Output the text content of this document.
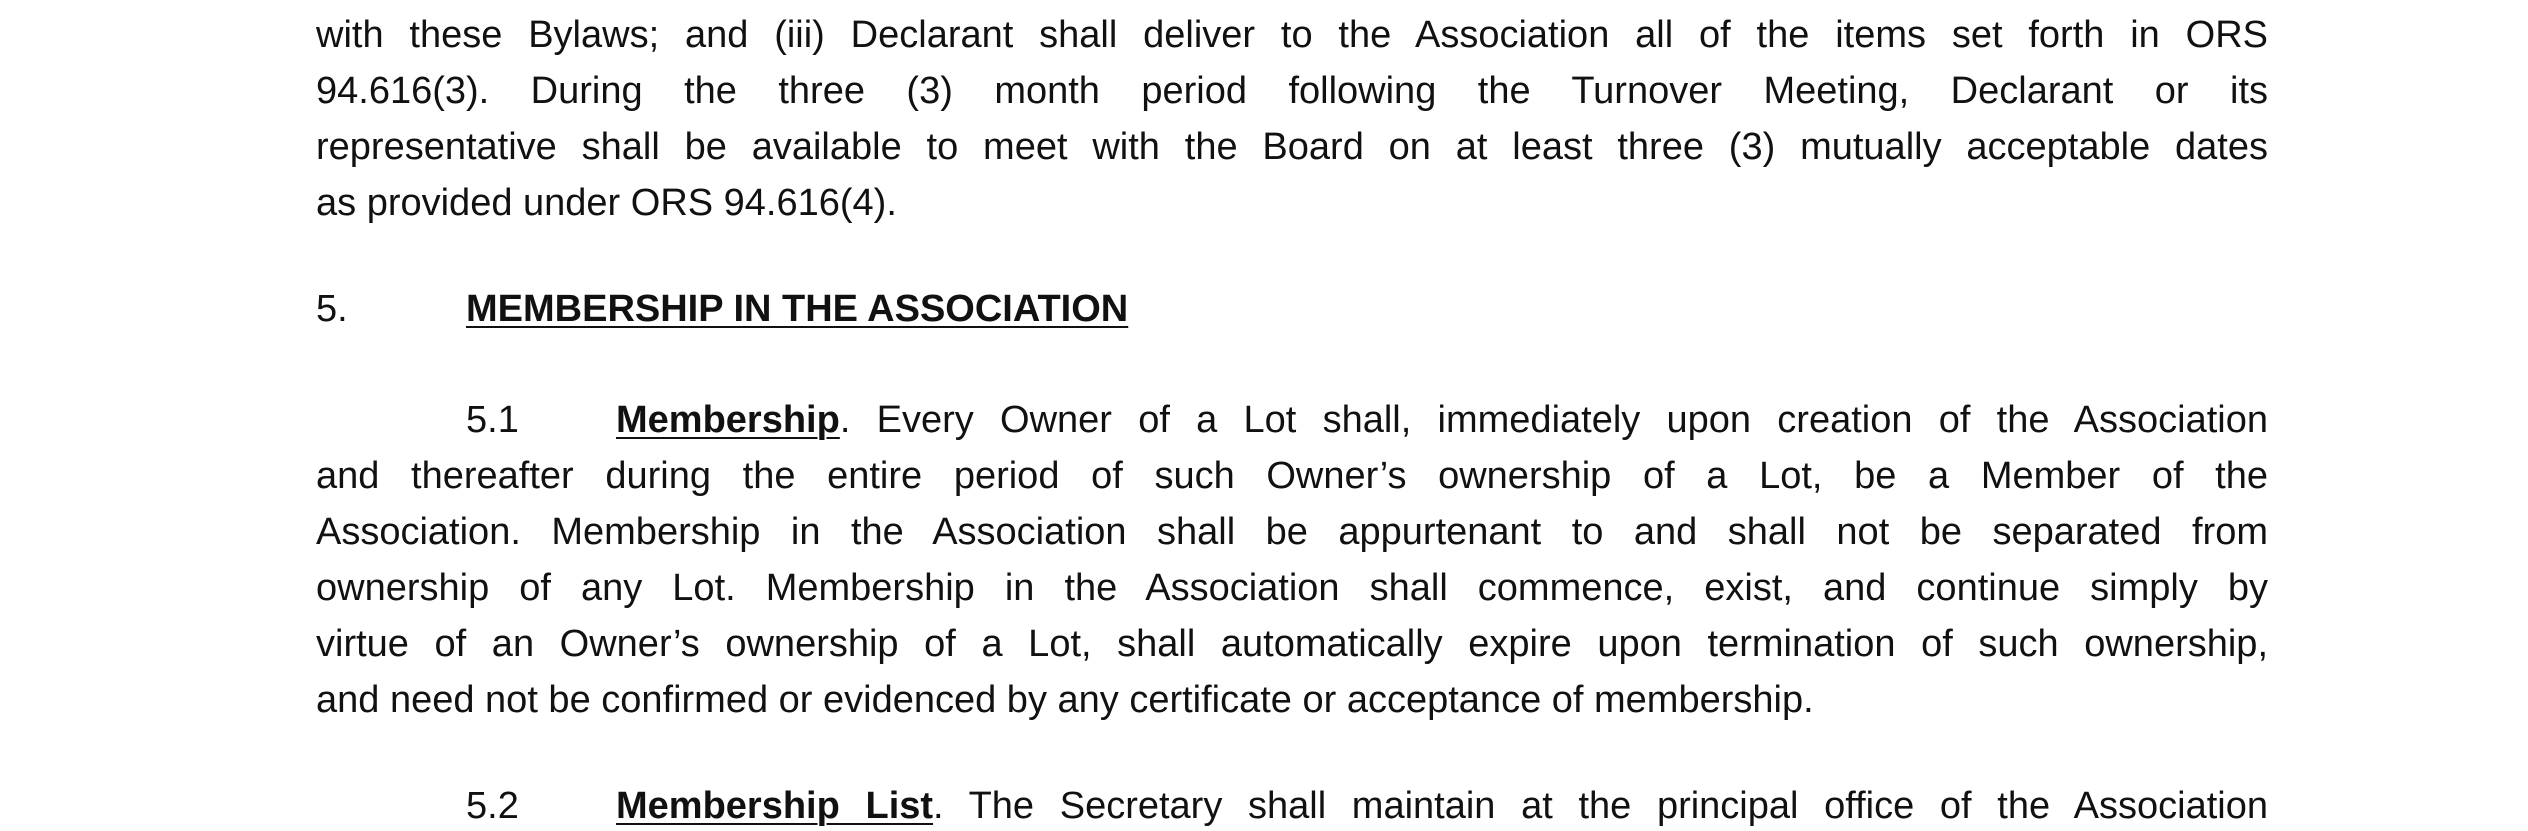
with these Bylaws; and (iii) Declarant shall deliver to the Association all of the items set forth in ORS
94.616(3). During the three (3) month period following the Turnover Meeting, Declarant or its
representative shall be available to meet with the Board on at least three (3) mutually acceptable dates
as provided under ORS 94.616(4).
5.	MEMBERSHIP IN THE ASSOCIATION
5.1	Membership. Every Owner of a Lot shall, immediately upon creation of the Association
and thereafter during the entire period of such Owner’s ownership of a Lot, be a Member of the
Association. Membership in the Association shall be appurtenant to and shall not be separated from
ownership of any Lot. Membership in the Association shall commence, exist, and continue simply by
virtue of an Owner’s ownership of a Lot, shall automatically expire upon termination of such ownership,
and need not be confirmed or evidenced by any certificate or acceptance of membership.
5.2	Membership List. The Secretary shall maintain at the principal office of the Association
